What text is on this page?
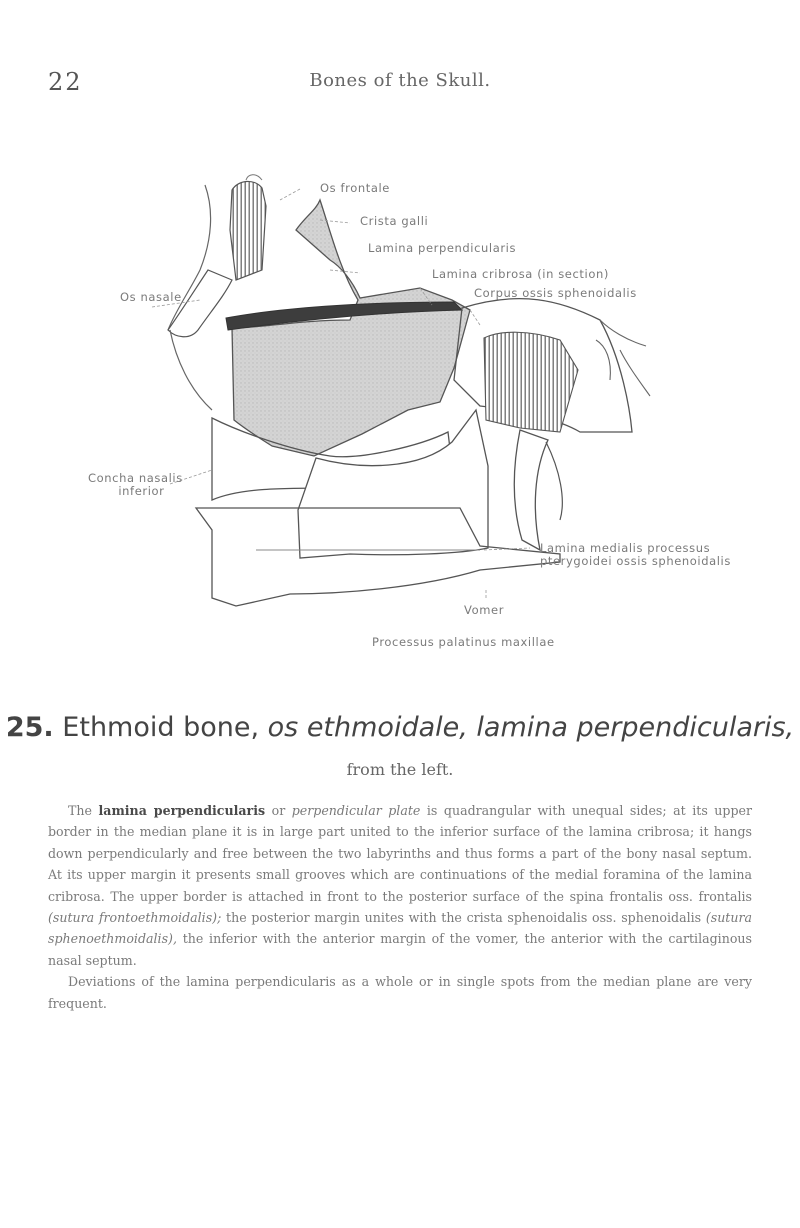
22	Bones of the Skull.
Os frontale
Crista galli
Lamina perpendicularis
Lamina cribrosa (in section)
Corpus ossis sphenoidalis
Os nasale
Concha nasalis
inferior
Lamina medialis processus
pterygoidei ossis sphenoidalis
Vomer
Processus palatinus maxillae
25. Ethmoid bone, os ethmoidale, lamina perpendicularis,
from the left.

The lamina perpendicularis or perpendicular plate is quadrangular with unequal sides; at its upper border in the median plane it is in large part united to the inferior surface of the lamina cribrosa; it hangs down perpendicularly and free between the two labyrinths and thus forms a part of the bony nasal septum. At its upper margin it presents small grooves which are continuations of the medial foramina of the lamina cribrosa. The upper border is attached in front to the posterior surface of the spina frontalis oss. frontalis (sutura frontoethmoidalis); the posterior margin unites with the crista sphenoidalis oss. sphenoidalis (sutura sphenoethmoidalis), the inferior with the anterior margin of the vomer, the anterior with the cartilaginous nasal septum.

Deviations of the lamina perpendicularis as a whole or in single spots from the median plane are very frequent.
